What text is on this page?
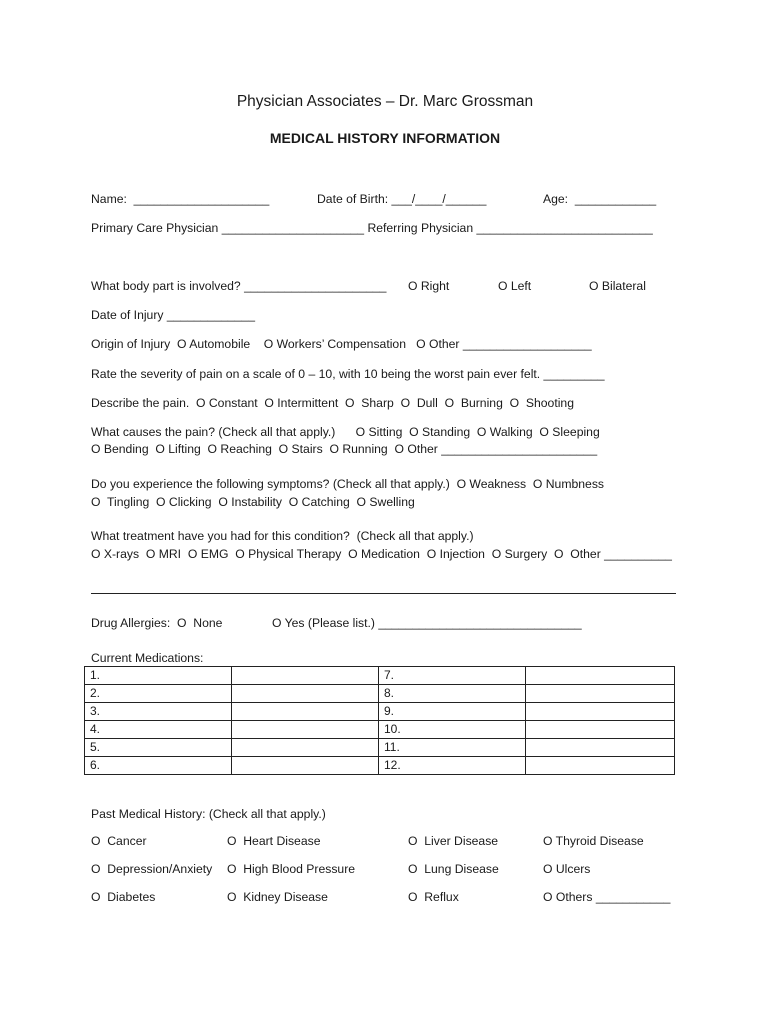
Physician Associates – Dr. Marc Grossman
MEDICAL HISTORY INFORMATION
Name:  ____________________	Date of Birth: ___/____/______	Age:  ____________
Primary Care Physician _____________________ Referring Physician __________________________
What body part is involved? _____________________ O Right	O Left	O Bilateral
Date of Injury _____________
Origin of Injury  O Automobile    O Workers’ Compensation   O Other ___________________
Rate the severity of pain on a scale of 0 – 10, with 10 being the worst pain ever felt. _________
Describe the pain.  O Constant  O Intermittent  O  Sharp  O  Dull  O  Burning  O  Shooting
What causes the pain? (Check all that apply.)      O Sitting  O Standing  O Walking  O Sleeping
O Bending  O Lifting  O Reaching  O Stairs  O Running  O Other _______________________
Do you experience the following symptoms? (Check all that apply.)  O Weakness  O Numbness
O  Tingling  O Clicking  O Instability  O Catching  O Swelling
What treatment have you had for this condition?  (Check all that apply.)
O X-rays  O MRI  O EMG  O Physical Therapy  O Medication  O Injection  O Surgery  O  Other __________
Drug Allergies:  O  None	O Yes (Please list.) ______________________________
Current Medications:
1.		7.	
2.		8.	
3.		9.	
4.		10.	
5.		11.	
6.		12.	
Past Medical History: (Check all that apply.)
O  Cancer	O  Heart Disease	O  Liver Disease	O Thyroid Disease
O  Depression/Anxiety O  High Blood Pressure	O  Lung Disease	O Ulcers
O  Diabetes	O  Kidney Disease	O  Reflux	O Others ___________
